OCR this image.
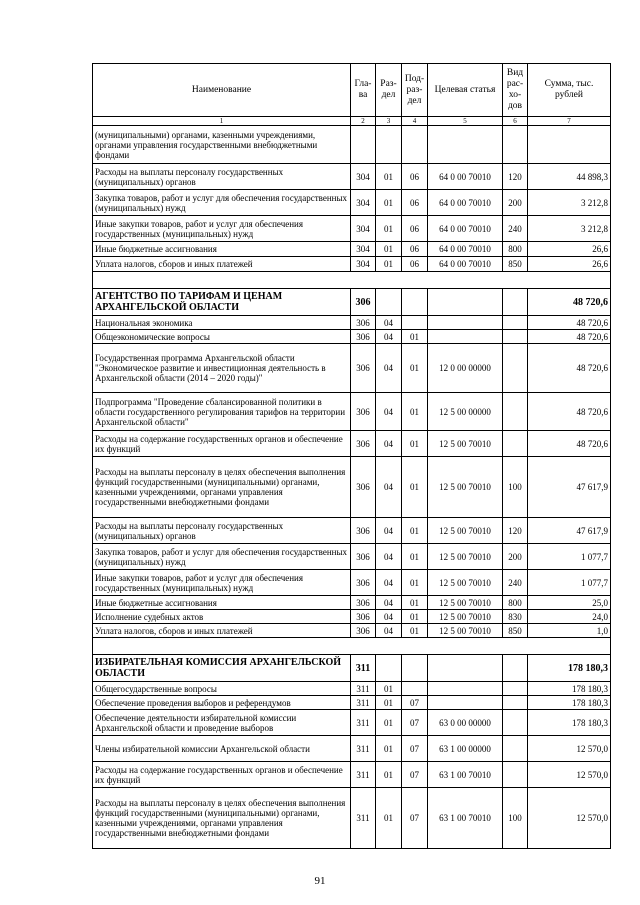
Наименование	Гла-ва	Раз-дел	Под-раз-дел	Целевая статья	Вид рас-хо-дов	Сумма, тыс. рублей
1	2	3	4	5	6	7
(муниципальными) органами, казенными учреждениями, органами управления государственными внебюджетными фондами						
Расходы на выплаты персоналу государственных (муниципальных) органов	304	01	06	64 0 00 70010	120	44 898,3
Закупка товаров, работ и услуг для обеспечения государственных (муниципальных) нужд	304	01	06	64 0 00 70010	200	3 212,8
Иные закупки товаров, работ и услуг для обеспечения государственных (муниципальных) нужд	304	01	06	64 0 00 70010	240	3 212,8
Иные бюджетные ассигнования	304	01	06	64 0 00 70010	800	26,6
Уплата налогов, сборов и иных платежей	304	01	06	64 0 00 70010	850	26,6

АГЕНТСТВО ПО ТАРИФАМ И ЦЕНАМ АРХАНГЕЛЬСКОЙ ОБЛАСТИ	306					48 720,6
Национальная экономика	306	04				48 720,6
Общеэкономические вопросы	306	04	01			48 720,6
Государственная программа Архангельской области "Экономическое развитие и инвестиционная деятельность в Архангельской области (2014 – 2020 годы)"	306	04	01	12 0 00 00000		48 720,6
Подпрограмма "Проведение сбалансированной политики в области государственного регулирования тарифов на территории Архангельской области"	306	04	01	12 5 00 00000		48 720,6
Расходы на содержание государственных органов и обеспечение их функций	306	04	01	12 5 00 70010		48 720,6
Расходы на выплаты персоналу в целях обеспечения выполнения функций государственными (муниципальными) органами, казенными учреждениями, органами управления государственными внебюджетными фондами	306	04	01	12 5 00 70010	100	47 617,9
Расходы на выплаты персоналу государственных (муниципальных) органов	306	04	01	12 5 00 70010	120	47 617,9
Закупка товаров, работ и услуг для обеспечения государственных (муниципальных) нужд	306	04	01	12 5 00 70010	200	1 077,7
Иные закупки товаров, работ и услуг для обеспечения государственных (муниципальных) нужд	306	04	01	12 5 00 70010	240	1 077,7
Иные бюджетные ассигнования	306	04	01	12 5 00 70010	800	25,0
Исполнение судебных актов	306	04	01	12 5 00 70010	830	24,0
Уплата налогов, сборов и иных платежей	306	04	01	12 5 00 70010	850	1,0

ИЗБИРАТЕЛЬНАЯ КОМИССИЯ АРХАНГЕЛЬСКОЙ ОБЛАСТИ	311					178 180,3
Общегосударственные вопросы	311	01				178 180,3
Обеспечение проведения выборов и референдумов	311	01	07			178 180,3
Обеспечение деятельности избирательной комиссии Архангельской области и проведение выборов	311	01	07	63 0 00 00000		178 180,3
Члены избирательной комиссии Архангельской области	311	01	07	63 1 00 00000		12 570,0
Расходы на содержание государственных органов и обеспечение их функций	311	01	07	63 1 00 70010		12 570,0
Расходы на выплаты персоналу в целях обеспечения выполнения функций государственными (муниципальными) органами, казенными учреждениями, органами управления государственными внебюджетными фондами	311	01	07	63 1 00 70010	100	12 570,0
91
